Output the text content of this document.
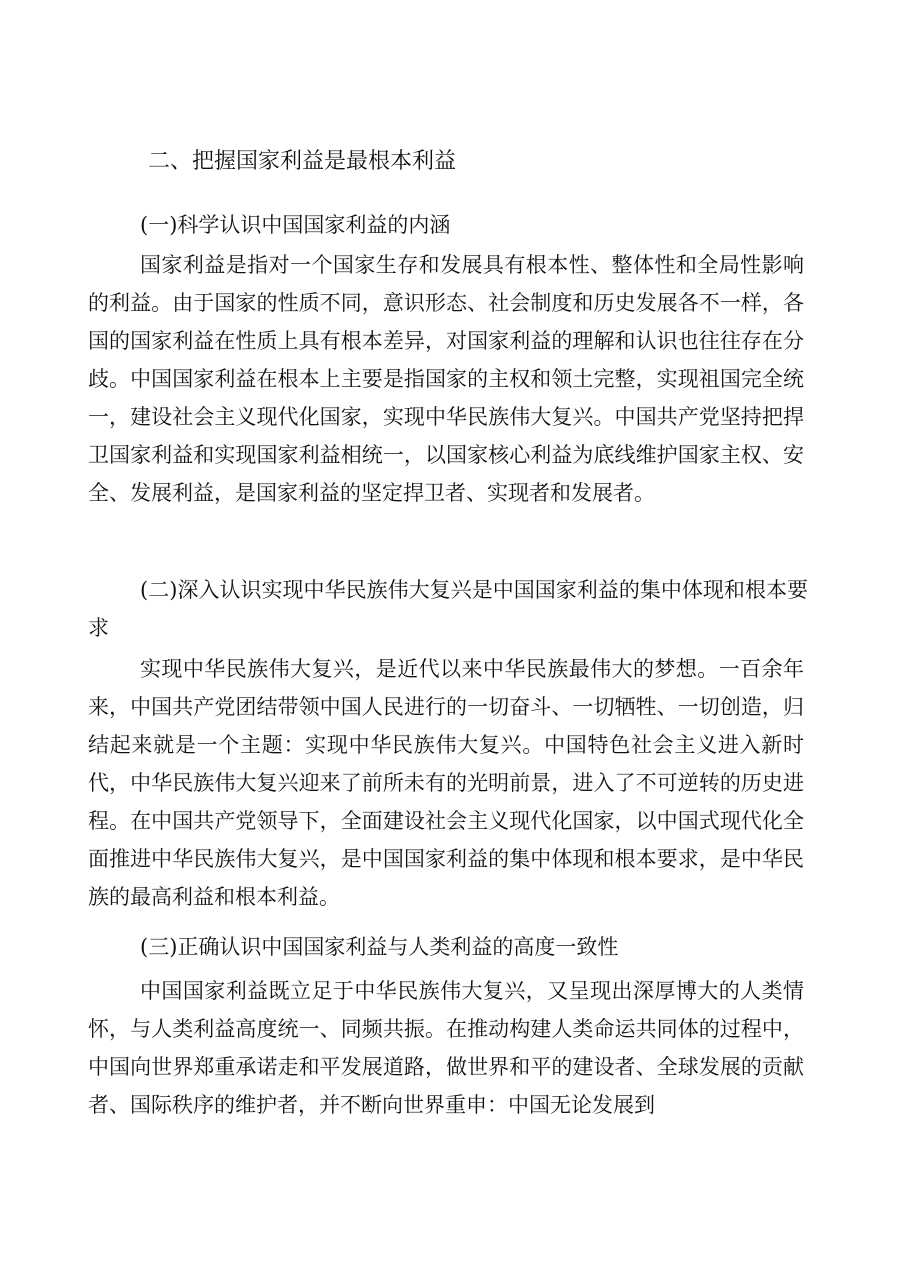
二、把握国家利益是最根本利益
(一)科学认识中国国家利益的内涵
国家利益是指对一个国家生存和发展具有根本性、整体性和全局性影响的利益。由于国家的性质不同，意识形态、社会制度和历史发展各不一样，各国的国家利益在性质上具有根本差异，对国家利益的理解和认识也往往存在分歧。中国国家利益在根本上主要是指国家的主权和领土完整，实现祖国完全统一，建设社会主义现代化国家，实现中华民族伟大复兴。中国共产党坚持把捍卫国家利益和实现国家利益相统一，以国家核心利益为底线维护国家主权、安全、发展利益，是国家利益的坚定捍卫者、实现者和发展者。
(二)深入认识实现中华民族伟大复兴是中国国家利益的集中体现和根本要求
实现中华民族伟大复兴，是近代以来中华民族最伟大的梦想。一百余年来，中国共产党团结带领中国人民进行的一切奋斗、一切牺牲、一切创造，归结起来就是一个主题：实现中华民族伟大复兴。中国特色社会主义进入新时代，中华民族伟大复兴迎来了前所未有的光明前景，进入了不可逆转的历史进程。在中国共产党领导下，全面建设社会主义现代化国家，以中国式现代化全面推进中华民族伟大复兴，是中国国家利益的集中体现和根本要求，是中华民族的最高利益和根本利益。
(三)正确认识中国国家利益与人类利益的高度一致性
中国国家利益既立足于中华民族伟大复兴，又呈现出深厚博大的人类情怀，与人类利益高度统一、同频共振。在推动构建人类命运共同体的过程中，中国向世界郑重承诺走和平发展道路，做世界和平的建设者、全球发展的贡献者、国际秩序的维护者，并不断向世界重申：中国无论发展到
